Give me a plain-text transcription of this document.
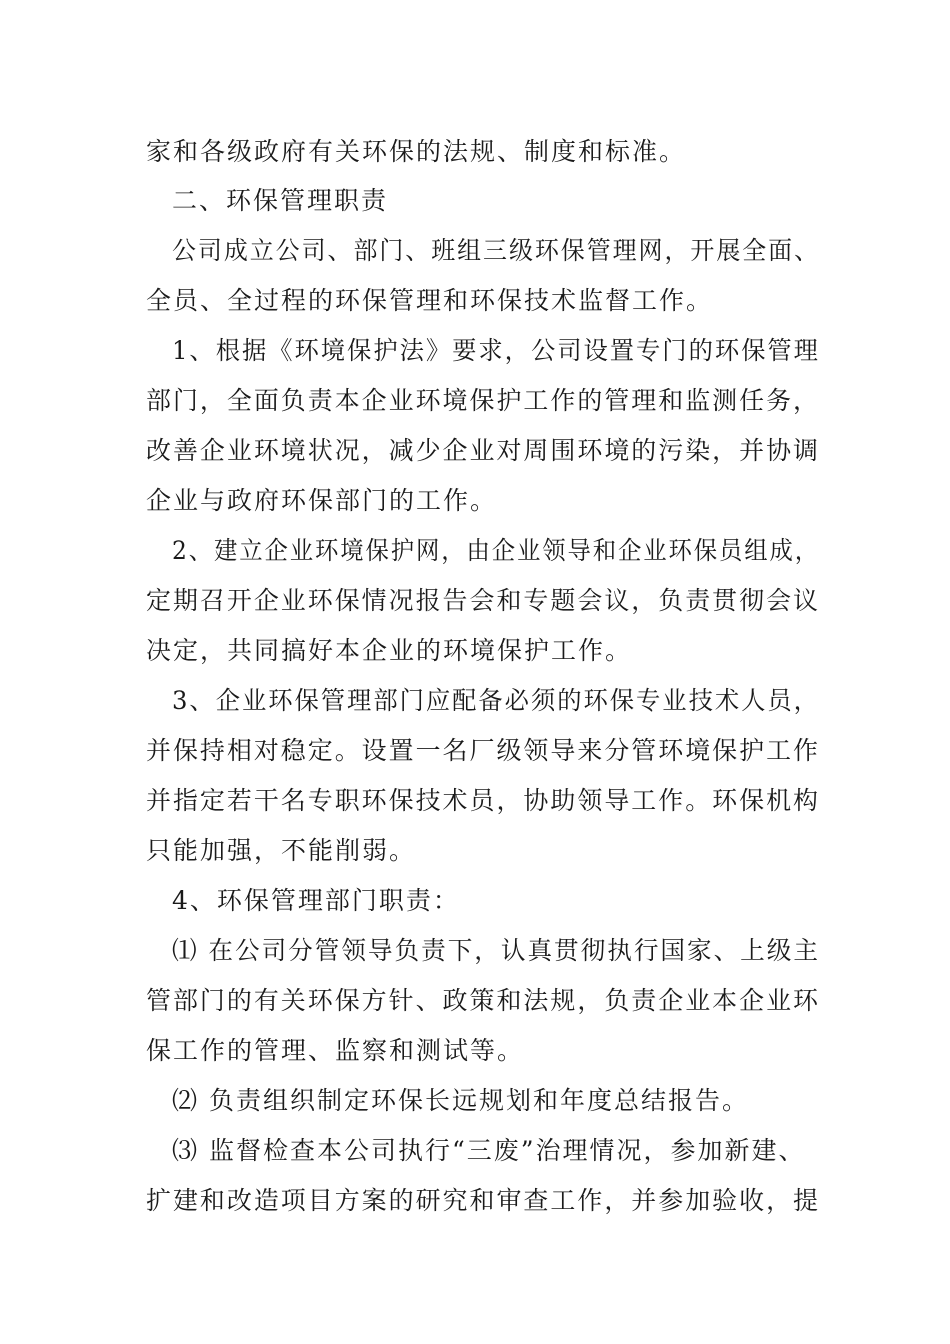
家和各级政府有关环保的法规、制度和标准。
二、环保管理职责
公司成立公司、部门、班组三级环保管理网，开展全面、
全员、全过程的环保管理和环保技术监督工作。
1、根据《环境保护法》要求，公司设置专门的环保管理
部门，全面负责本企业环境保护工作的管理和监测任务，
改善企业环境状况，减少企业对周围环境的污染，并协调
企业与政府环保部门的工作。
2、建立企业环境保护网，由企业领导和企业环保员组成，
定期召开企业环保情况报告会和专题会议，负责贯彻会议
决定，共同搞好本企业的环境保护工作。
3、企业环保管理部门应配备必须的环保专业技术人员，
并保持相对稳定。设置一名厂级领导来分管环境保护工作
并指定若干名专职环保技术员，协助领导工作。环保机构
只能加强，不能削弱。
4、环保管理部门职责：
⑴ 在公司分管领导负责下，认真贯彻执行国家、上级主
管部门的有关环保方针、政策和法规，负责企业本企业环
保工作的管理、监察和测试等。
⑵ 负责组织制定环保长远规划和年度总结报告。
⑶ 监督检查本公司执行“三废”治理情况，参加新建、
扩建和改造项目方案的研究和审查工作，并参加验收，提
